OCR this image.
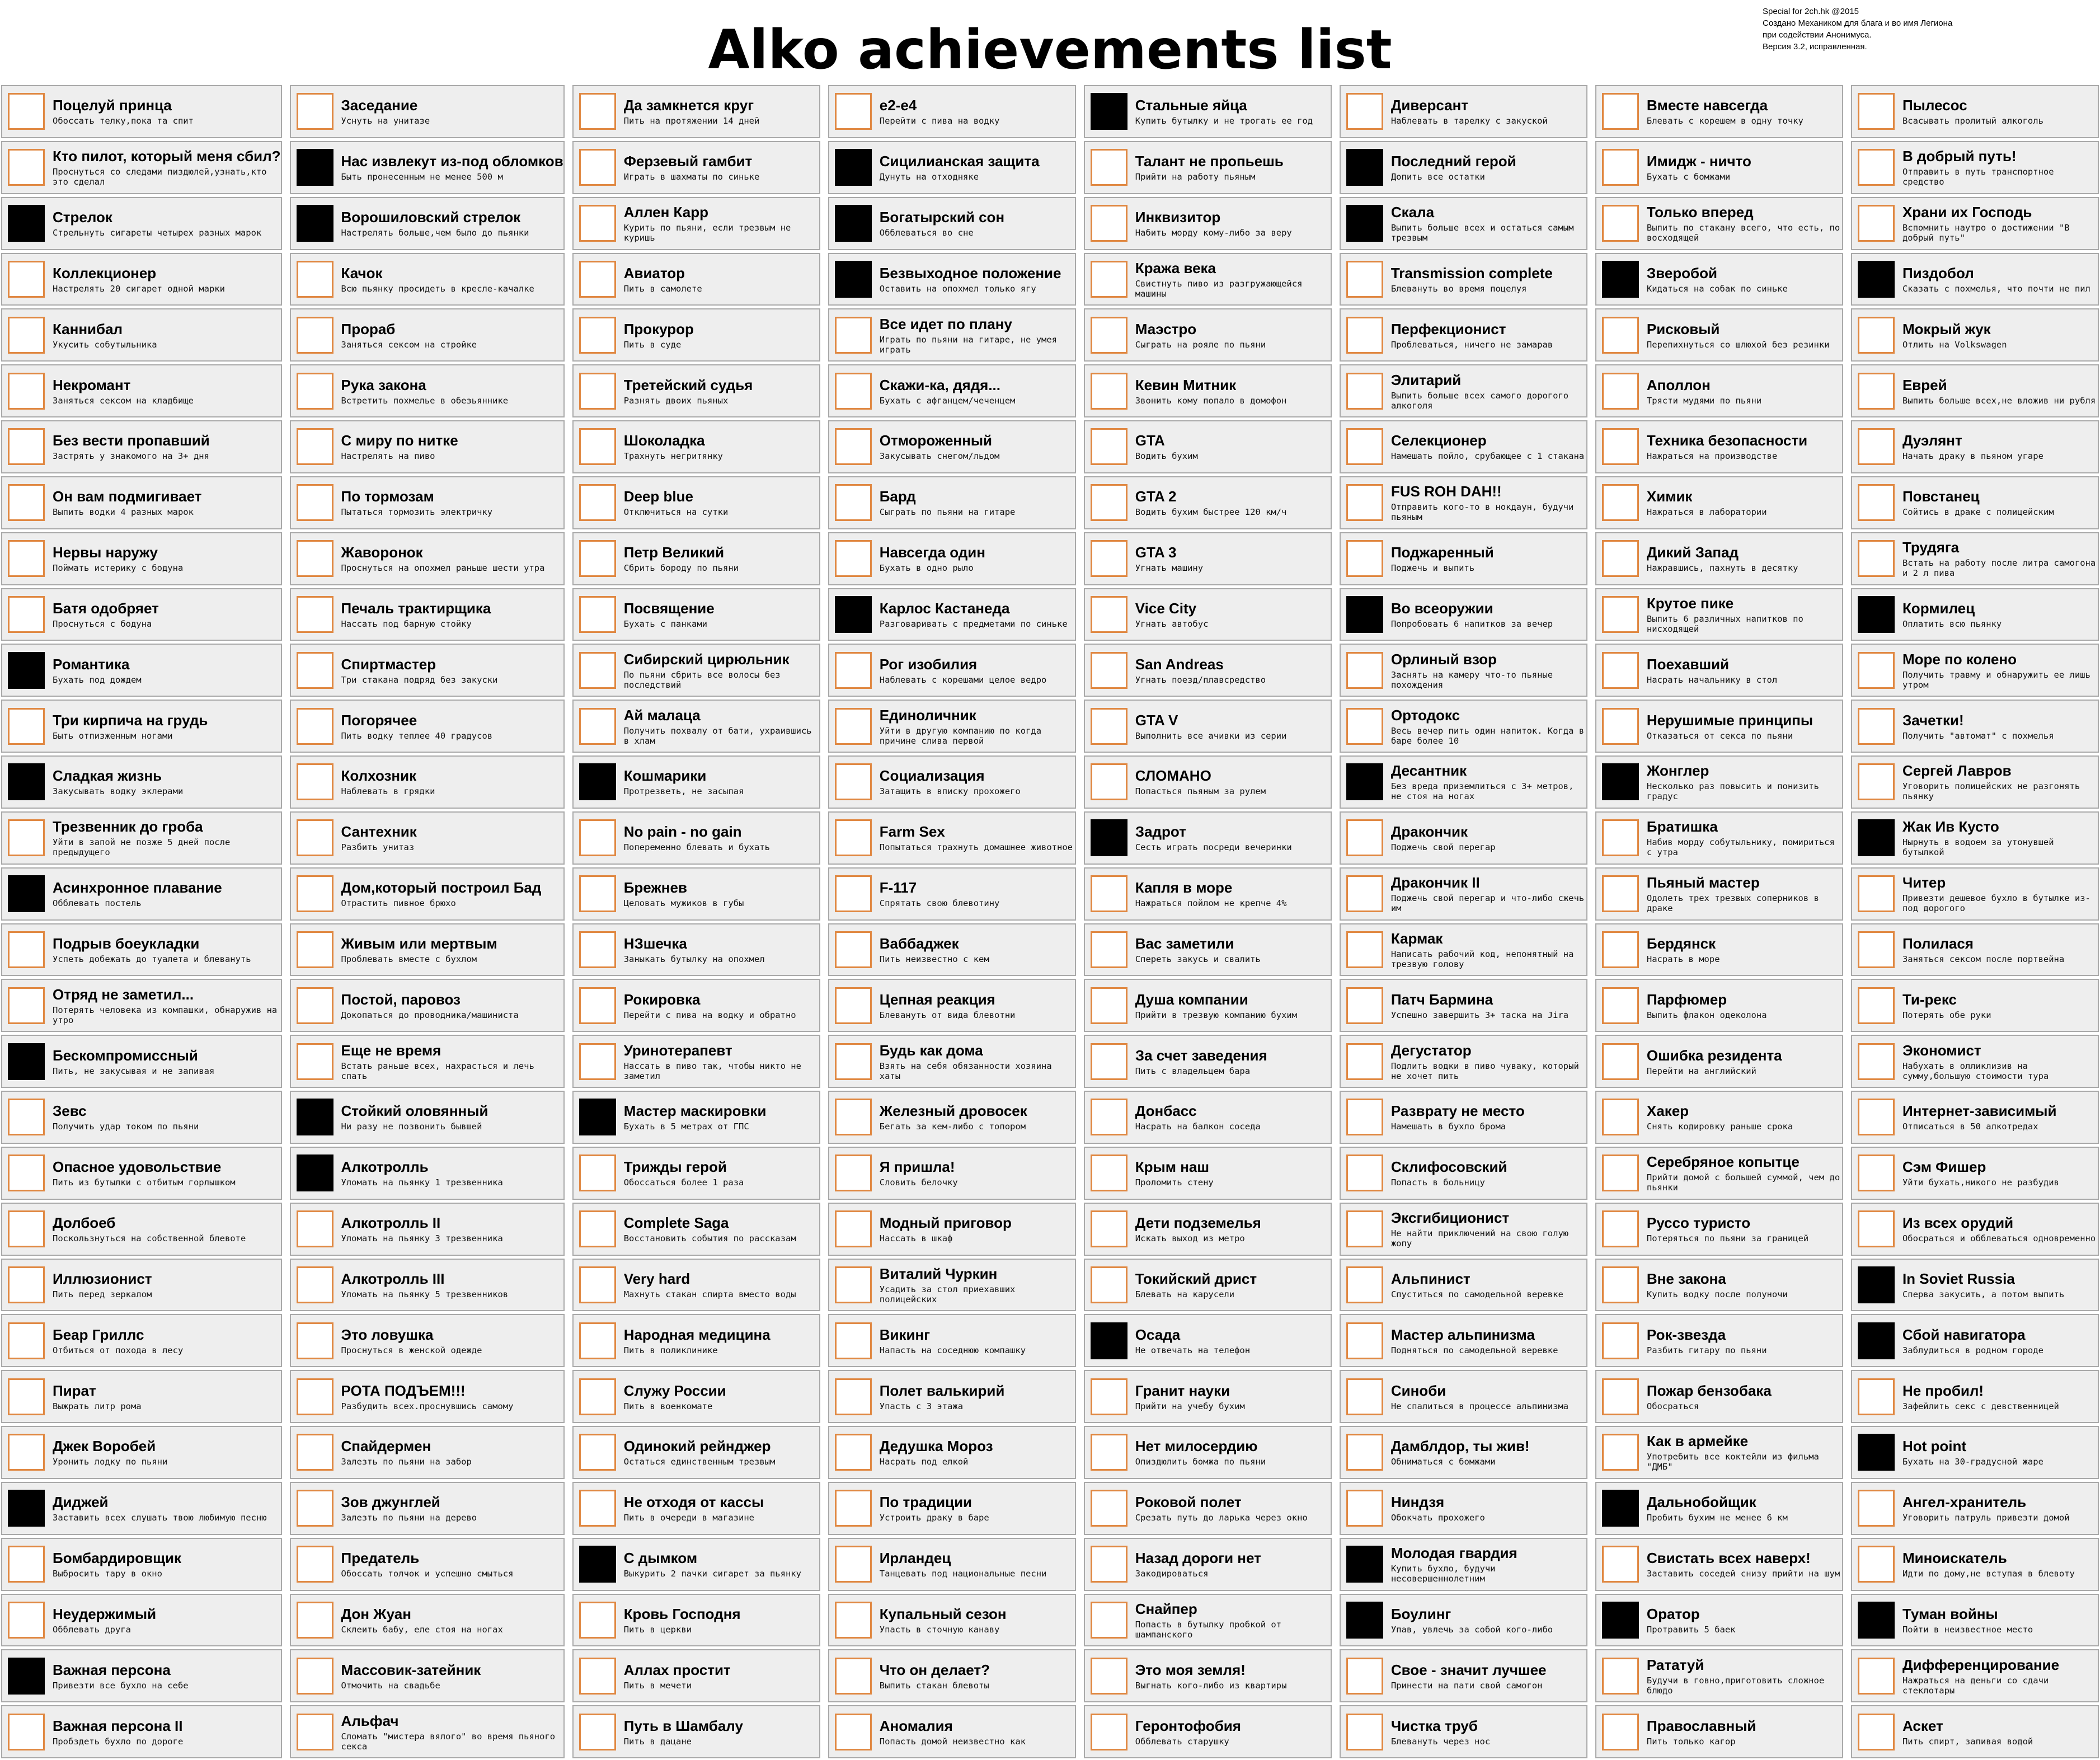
Alko achievements list
Special for 2ch.hk @2015
Создано Механиком для блага и во имя Легиона
при содействии Анонимуса.
Версия 3.2, исправленная.
Поцелуй принца
Обоссать телку,пока та спит
Кто пилот, который меня сбил?
Проснуться со следами пиздюлей,узнать,кто это сделал
Стрелок
Стрельнуть сигареты четырех разных марок
Коллекционер
Настрелять 20 сигарет одной марки
Каннибал
Укусить собутыльника
Некромант
Заняться сексом на кладбище
Без вести пропавший
Застрять у знакомого на 3+ дня
Он вам подмигивает
Выпить водки 4 разных марок
Нервы наружу
Поймать истерику с бодуна
Батя одобряет
Проснуться с бодуна
Романтика
Бухать под дождем
Три кирпича на грудь
Быть отпизженным ногами
Сладкая жизнь
Закусывать водку эклерами
Трезвенник до гроба
Уйти в запой не позже 5 дней после предыдущего
Асинхронное плавание
Обблевать постель
Подрыв боеукладки
Успеть добежать до туалета и блевануть
Отряд не заметил...
Потерять человека из компашки, обнаружив на утро
Бескомпромиссный
Пить, не закусывая и не запивая
Зевс
Получить удар током по пьяни
Опасное удовольствие
Пить из бутылки с отбитым горлышком
Долбоеб
Поскользнуться на собственной блевоте
Иллюзионист
Пить перед зеркалом
Беар Гриллс
Отбиться от похода в лесу
Пират
Выжрать литр рома
Джек Воробей
Уронить лодку по пьяни
Диджей
Заставить всех слушать твою любимую песню
Бомбардировщик
Выбросить тару в окно
Неудержимый
Обблевать друга
Важная персона
Привезти все бухло на себе
Важная персона II
Пробздеть бухло по дороге
Заседание
Уснуть на унитазе
Нас извлекут из-под обломков
Быть пронесенным не менее 500 м
Ворошиловский стрелок
Настрелять больше,чем было до пьянки
Качок
Всю пьянку просидеть в кресле-качалке
Прораб
Заняться сексом на стройке
Рука закона
Встретить похмелье в обезьяннике
С миру по нитке
Настрелять на пиво
По тормозам
Пытаться тормозить электричку
Жаворонок
Проснуться на опохмел раньше шести утра
Печаль трактирщика
Нассать под барную стойку
Спиртмастер
Три стакана подряд без закуски
Погорячее
Пить водку теплее 40 градусов
Колхозник
Наблевать в грядки
Сантехник
Разбить унитаз
Дом,который построил Бад
Отрастить пивное брюхо
Живым или мертвым
Проблевать вместе с бухлом
Постой, паровоз
Докопаться до проводника/машиниста
Еще не время
Встать раньше всех, нахрасться и лечь спать
Стойкий оловянный
Ни разу не позвонить бывшей
Алкотролль
Уломать на пьянку 1 трезвенника
Алкотролль II
Уломать на пьянку 3 трезвенника
Алкотролль III
Уломать на пьянку 5 трезвенников
Это ловушка
Проснуться в женской одежде
РОТА ПОДЪЕМ!!!
Разбудить всех.проснувшись самому
Спайдермен
Залезть по пьяни на забор
Зов джунглей
Залезть по пьяни на дерево
Предатель
Обоссать толчок и успешно смыться
Дон Жуан
Склеить бабу, еле стоя на ногах
Массовик-затейник
Отмочить на свадьбе
Альфач
Сломать "мистера вялого" во время пьяного секса
Да замкнется круг
Пить на протяжении 14 дней
Ферзевый гамбит
Играть в шахматы по синьке
Аллен Карр
Курить по пьяни, если трезвым не куришь
Авиатор
Пить в самолете
Прокурор
Пить в суде
Третейский судья
Разнять двоих пьяных
Шоколадка
Трахнуть негритянку
Deep blue
Отключиться на сутки
Петр Великий
Сбрить бороду по пьяни
Посвящение
Бухать с панками
Сибирский цирюльник
По пьяни сбрить все волосы без последствий
Ай малаца
Получить похвалу от бати, ухраившись в хлам
Кошмарики
Протрезветь, не засыпая
No pain - no gain
Попеременно блевать и бухать
Брежнев
Целовать мужиков в губы
НЗшечка
Заныкать бутылку на опохмел
Рокировка
Перейти с пива на водку и обратно
Уринотерапевт
Нассать в пиво так, чтобы никто не заметил
Мастер маскировки
Бухать в 5 метрах от ГПС
Трижды герой
Обоссаться более 1 раза
Complete Saga
Восстановить события по рассказам
Very hard
Махнуть стакан спирта вместо воды
Народная медицина
Пить в поликлинике
Служу России
Пить в военкомате
Одинокий рейнджер
Остаться единственным трезвым
Не отходя от кассы
Пить в очереди в магазине
С дымком
Выкурить 2 пачки сигарет за пьянку
Кровь Господня
Пить в церкви
Аллах простит
Пить в мечети
Путь в Шамбалу
Пить в дацане
e2-e4
Перейти с пива на водку
Сицилианская защита
Дунуть на отходняке
Богатырский сон
Обблеваться во сне
Безвыходное положение
Оставить на опохмел только ягу
Все идет по плану
Играть по пьяни на гитаре, не умея играть
Скажи-ка, дядя...
Бухать с афганцем/чеченцем
Отмороженный
Закусывать снегом/льдом
Бард
Сыграть по пьяни на гитаре
Навсегда один
Бухать в одно рыло
Карлос Кастанеда
Разговаривать с предметами по синьке
Рог изобилия
Наблевать с корешами целое ведро
Единоличник
Уйти в другую компанию по когда причине слива первой
Социализация
Затащить в вписку прохожего
Farm Sex
Попытаться трахнуть домашнее животное
F-117
Спрятать свою блевотину
Ваббаджек
Пить неизвестно с кем
Цепная реакция
Блевануть от вида блевотни
Будь как дома
Взять на себя обязанности хозяина хаты
Железный дровосек
Бегать за кем-либо с топором
Я пришла!
Словить белочку
Модный приговор
Нассать в шкаф
Виталий Чуркин
Усадить за стол приехавших полицейских
Викинг
Напасть на соседнюю компашку
Полет валькирий
Упасть с 3 этажа
Дедушка Мороз
Насрать под елкой
По традиции
Устроить драку в баре
Ирландец
Танцевать под национальные песни
Купальный сезон
Упасть в сточную канаву
Что он делает?
Выпить стакан блевоты
Аномалия
Попасть домой неизвестно как
Стальные яйца
Купить бутылку и не трогать ее год
Талант не пропьешь
Прийти на работу пьяным
Инквизитор
Набить морду кому-либо за веру
Кража века
Свистнуть пиво из разгружающейся машины
Маэстро
Сыграть на рояле по пьяни
Кевин Митник
Звонить кому попало в домофон
GTA
Водить бухим
GTA 2
Водить бухим быстрее 120 км/ч
GTA 3
Угнать машину
Vice City
Угнать автобус
San Andreas
Угнать поезд/плавсредство
GTA V
Выполнить все ачивки из серии
СЛОМАНО
Попасться пьяным за рулем
Задрот
Сесть играть посреди вечеринки
Капля в море
Нажраться пойлом не крепче 4%
Вас заметили
Спереть закусь и свалить
Душа компании
Прийти в трезвую компанию бухим
За счет заведения
Пить с владельцем бара
Донбасс
Насрать на балкон соседа
Крым наш
Проломить стену
Дети подземелья
Искать выход из метро
Токийский дрист
Блевать на карусели
Осада
Не отвечать на телефон
Гранит науки
Прийти на учебу бухим
Нет милосердию
Опиздюлить бомжа по пьяни
Роковой полет
Срезать путь до ларька через окно
Назад дороги нет
Закодироваться
Снайпер
Попасть в бутылку пробкой от шампанского
Это моя земля!
Выгнать кого-либо из квартиры
Геронтофобия
Обблевать старушку
Диверсант
Наблевать в тарелку с закуской
Последний герой
Допить все остатки
Скала
Выпить больше всех и остаться самым трезвым
Transmission complete
Блевануть во время поцелуя
Перфекционист
Проблеваться, ничего не замарав
Элитарий
Выпить больше всех самого дорогого алкоголя
Селекционер
Намешать пойло, срубающее с 1 стакана
FUS ROH DAH!!
Отправить кого-то в нокдаун, будучи пьяным
Поджаренный
Поджечь и выпить
Во всеоружии
Попробовать 6 напитков за вечер
Орлиный взор
Заснять на камеру что-то пьяные похождения
Ортодокс
Весь вечер пить один напиток. Когда в баре более 10
Десантник
Без вреда приземлиться с 3+ метров, не стоя на ногах
Дракончик
Поджечь свой перегар
Дракончик II
Поджечь свой перегар и что-либо сжечь им
Кармак
Написать рабочий код, непонятный на трезвую голову
Патч Бармина
Успешно завершить 3+ таска на Jira
Дегустатор
Подлить водки в пиво чуваку, который не хочет пить
Развратy не место
Намешать в бухло брома
Склифосовский
Попасть в больницу
Эксгибиционист
Не найти приключений на свою голую жопу
Альпинист
Спуститься по самодельной веревке
Мастер альпинизма
Подняться по самодельной веревке
Синоби
Не спалиться в процессе альпинизма
Дамблдор, ты жив!
Обниматься с бомжами
Ниндзя
Обокчать прохожего
Молодая гвардия
Купить бухло, будучи несовершеннолетним
Боулинг
Упав, увлечь за собой кого-либо
Свое - значит лучшее
Принести на пати свой самогон
Чистка труб
Блевануть через нос
Вместе навсегда
Блевать с корешем в одну точку
Имидж - ничто
Бухать с бомжами
Только вперед
Выпить по стакану всего, что есть, по восходящей
Зверобой
Кидаться на собак по синьке
Рисковый
Перепихнуться со шлюхой без резинки
Аполлон
Трясти мудями по пьяни
Техника безопасности
Нажраться на производстве
Химик
Нажраться в лаборатории
Дикий Запад
Нажравшись, пахнуть в десятку
Крутое пике
Выпить 6 различных напитков по нисходящей
Поехавший
Насрать начальнику в стол
Нерушимые принципы
Отказаться от секса по пьяни
Жонглер
Несколько раз повысить и понизить градус
Братишка
Набив морду собутыльнику, помириться с утра
Пьяный мастер
Одолеть трех трезвых соперников в драке
Бердянск
Насрать в море
Парфюмер
Выпить флакон одеколона
Ошибка резидента
Перейти на английский
Хакер
Снять кодировку раньше срока
Серебряное копытце
Прийти домой с большей суммой, чем до пьянки
Руссо туристо
Потеряться по пьяни за границей
Вне закона
Купить водку после полуночи
Рок-звезда
Разбить гитару по пьяни
Пожар бензобака
Обосраться
Как в армейке
Употребить все коктейли из фильма "ДМБ"
Дальнобойщик
Пробить бухим не менее 6 км
Свистать всех наверх!
Заставить соседей снизу прийти на шум
Оратор
Протравить 5 баек
Рататуй
Будучи в говно,приготовить сложное блюдо
Православный
Пить только кагор
Пылесос
Всасывать пролитый алкоголь
В добрый путь!
Отправить в путь транспортное средство
Храни их Господь
Вспомнить наутро о достижении "В добрый путь"
Пиздобол
Сказать с похмелья, что почти не пил
Мокрый жук
Отлить на Volkswagen
Еврей
Выпить больше всех,не вложив ни рубля
Дуэлянт
Начать драку в пьяном угаре
Повстанец
Сойтись в драке с полицейским
Трудяга
Встать на работу после литра самогона и 2 л пива
Кормилец
Оплатить всю пьянку
Море по колено
Получить травму и обнаружить ее лишь утром
Зачетки!
Получить "автомат" с похмелья
Сергей Лавров
Уговорить полицейских не разгонять пьянку
Жак Ив Кусто
Нырнуть в водоем за утонувшей бутылкой
Читер
Привезти дешевое бухло в бутылке из-под дорогого
Полилася
Заняться сексом после портвейна
Ти-рекс
Потерять обе руки
Экономист
Набухать в олликлизив на сумму,большую стоимости тура
Интернет-зависимый
Отписаться в 50 алкотредах
Сэм Фишер
Уйти бухать,никого не разбудив
Из всех орудий
Обосраться и обблеваться одновременно
In Soviet Russia
Сперва закусить, а потом выпить
Сбой навигатора
Заблудиться в родном городе
Не пробил!
Зафейлить секс с девственницей
Hot point
Бухать на 30-градусной жаре
Ангел-хранитель
Уговорить патруль привезти домой
Миноискатель
Идти по дому,не вступая в блевоту
Туман войны
Пойти в неизвестное место
Дифференцирование
Нажраться на деньги со сдачи стеклотары
Аскет
Пить спирт, запивая водой
